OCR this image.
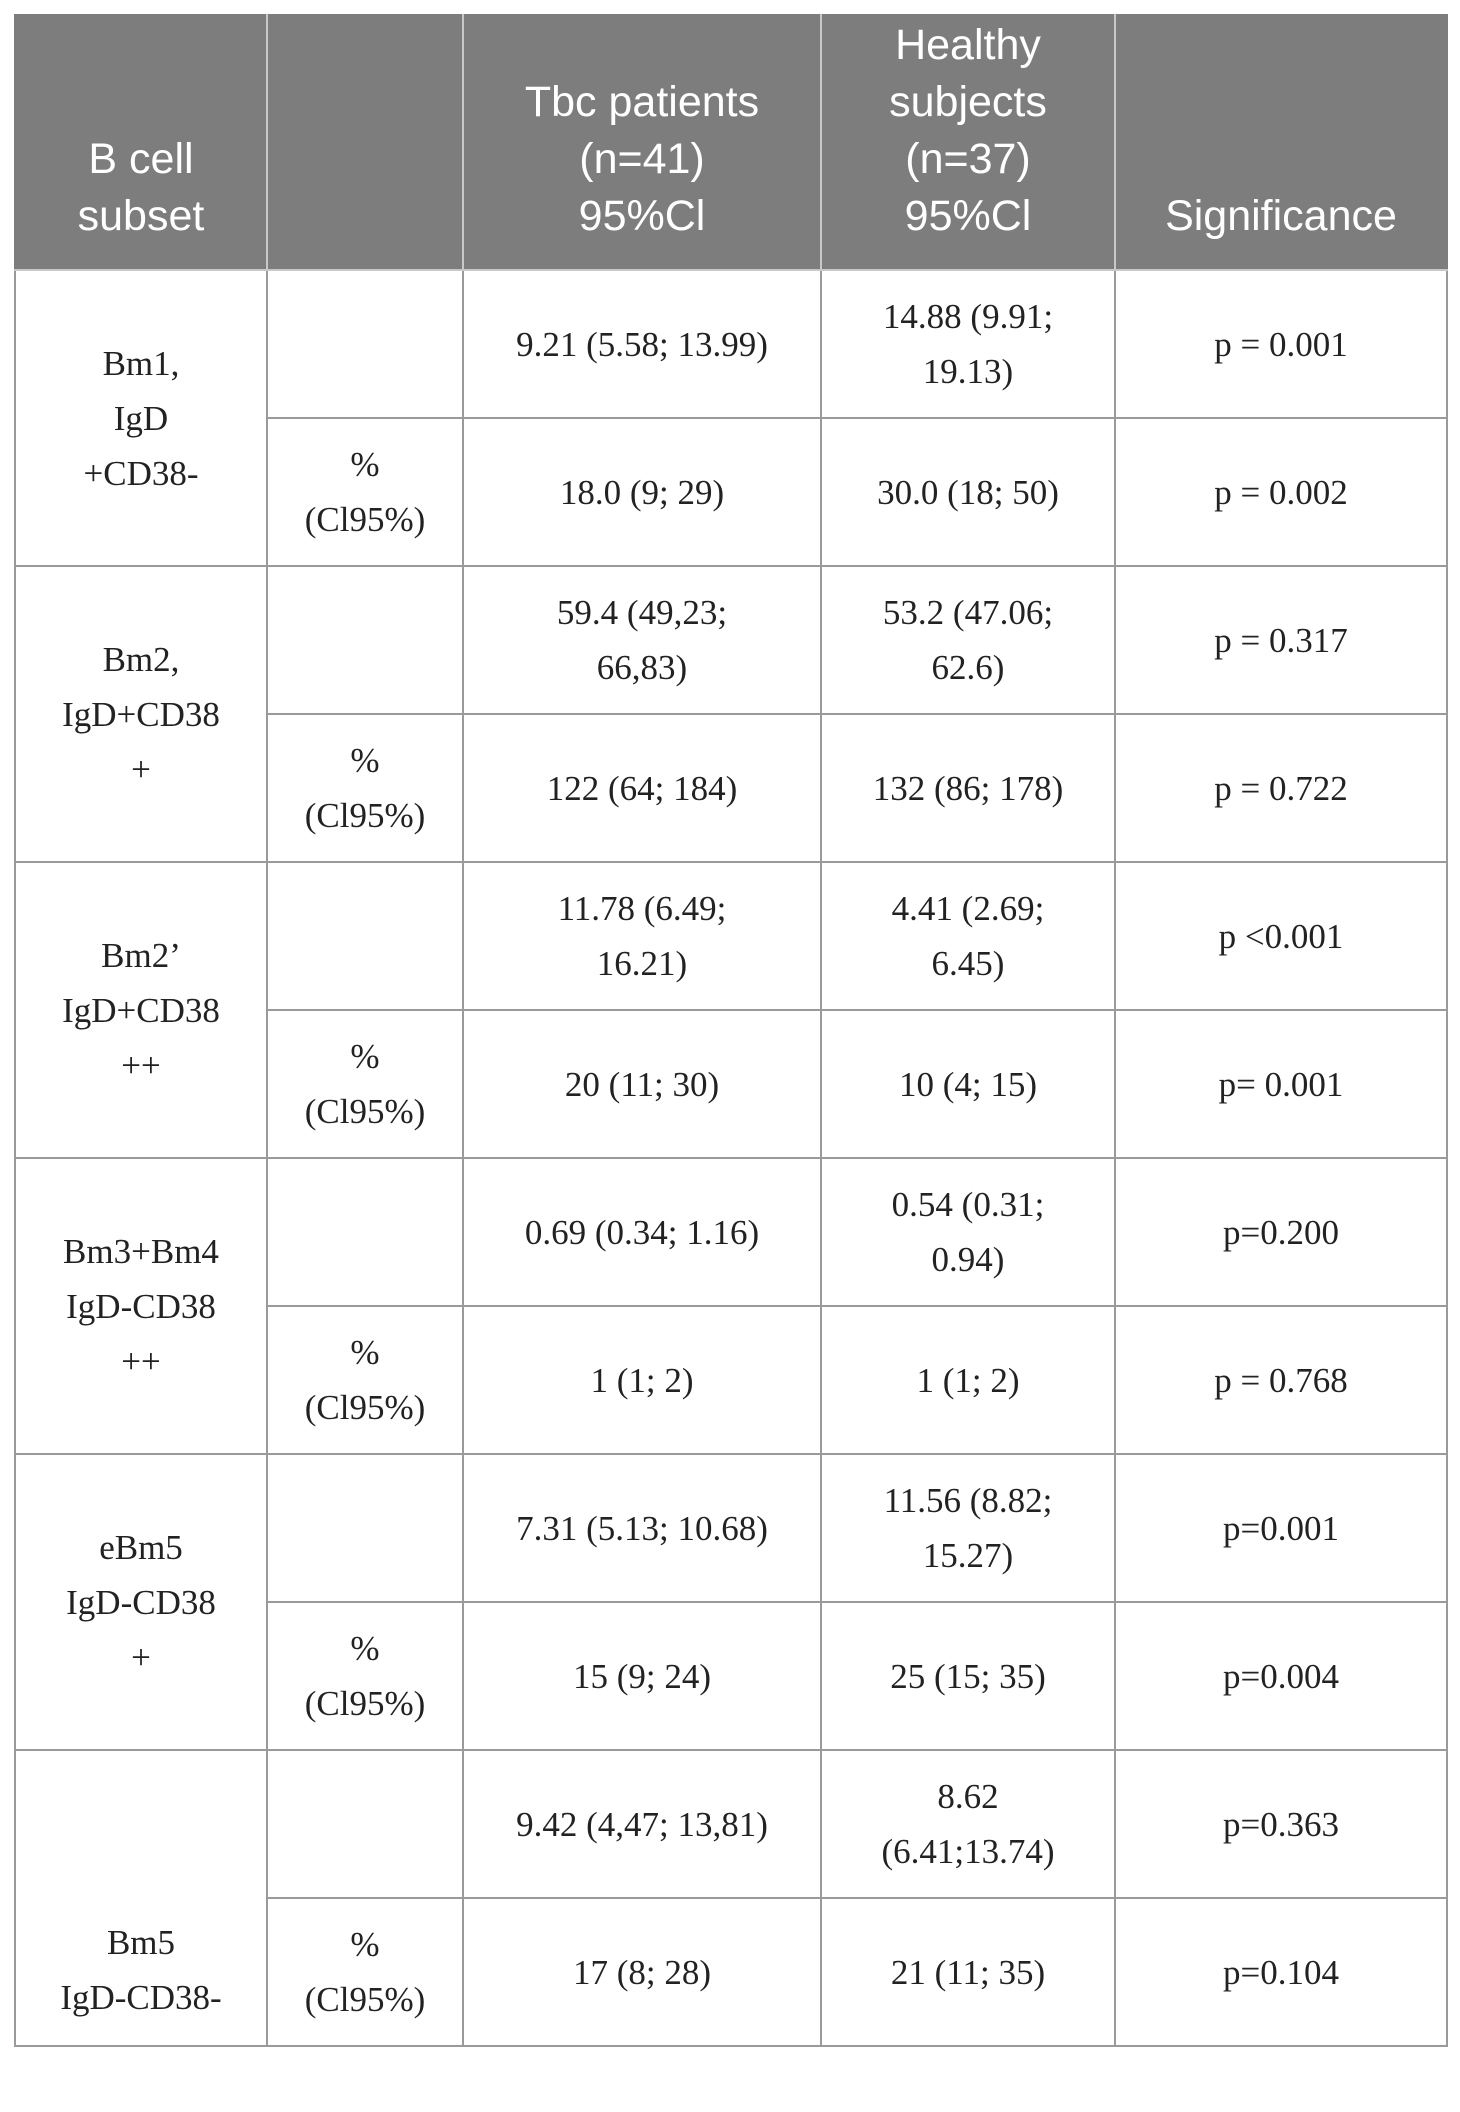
B cell
subset		Tbc patients
(n=41)
95%Cl	Healthy
subjects
(n=37)
95%Cl	Significance

Bm1,
IgD
+CD38-		9.21 (5.58; 13.99)	14.88 (9.91;
19.13)	p = 0.001

	%
(Cl95%)	18.0 (9; 29)	30.0 (18; 50)	p = 0.002

Bm2,
IgD+CD38
+		59.4 (49,23;
66,83)	53.2 (47.06;
62.6)	p = 0.317

	%
(Cl95%)	122 (64; 184)	132 (86; 178)	p = 0.722

Bm2’
IgD+CD38
++		11.78 (6.49;
16.21)	4.41 (2.69;
6.45)	p <0.001

	%
(Cl95%)	20 (11; 30)	10 (4; 15)	p= 0.001

Bm3+Bm4
IgD-CD38
++		0.69 (0.34; 1.16)	0.54 (0.31;
0.94)	p=0.200

	%
(Cl95%)	1 (1; 2)	1 (1; 2)	p = 0.768

eBm5
IgD-CD38
+		7.31 (5.13; 10.68)	11.56 (8.82;
15.27)	p=0.001

	%
(Cl95%)	15 (9; 24)	25 (15; 35)	p=0.004

Bm5
IgD-CD38-		9.42 (4,47; 13,81)	8.62
(6.41;13.74)	p=0.363

	%
(Cl95%)	17 (8; 28)	21 (11; 35)	p=0.104
